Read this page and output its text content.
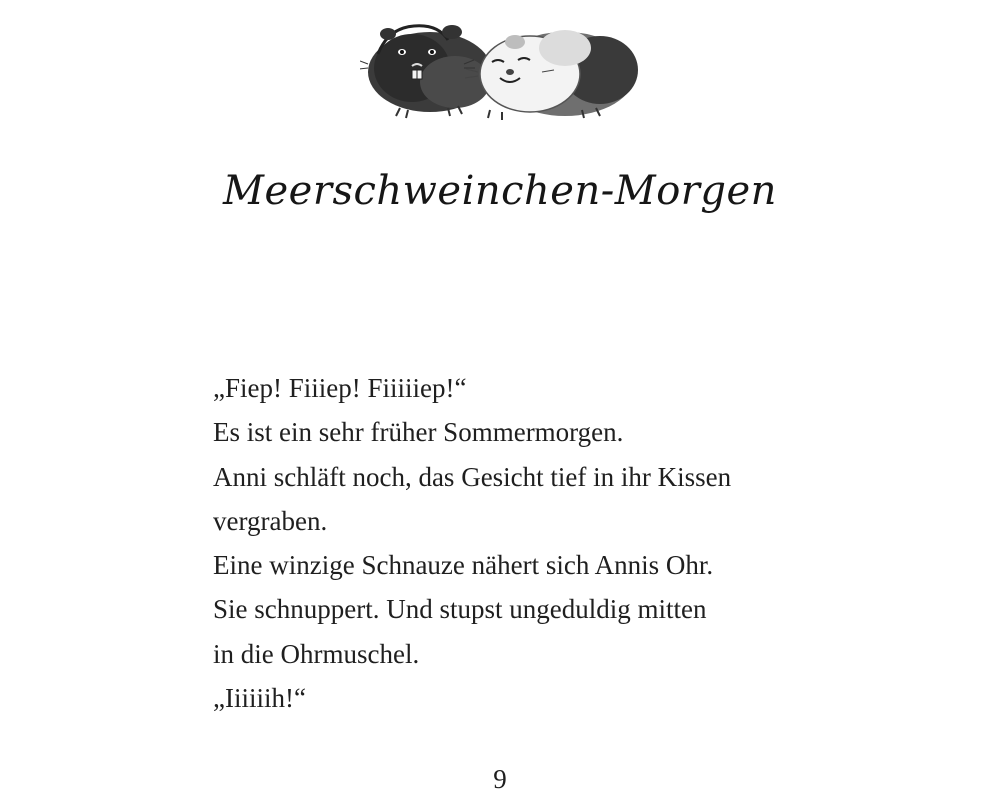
Meerschweinchen-Morgen
„Fiep! Fiiiep! Fiiiiiep!“
Es ist ein sehr früher Sommermorgen.
Anni schläft noch, das Gesicht tief in ihr Kissen
vergraben.
Eine winzige Schnauze nähert sich Annis Ohr.
Sie schnuppert. Und stupst ungeduldig mitten
in die Ohrmuschel.
„Iiiiiih!“
9
